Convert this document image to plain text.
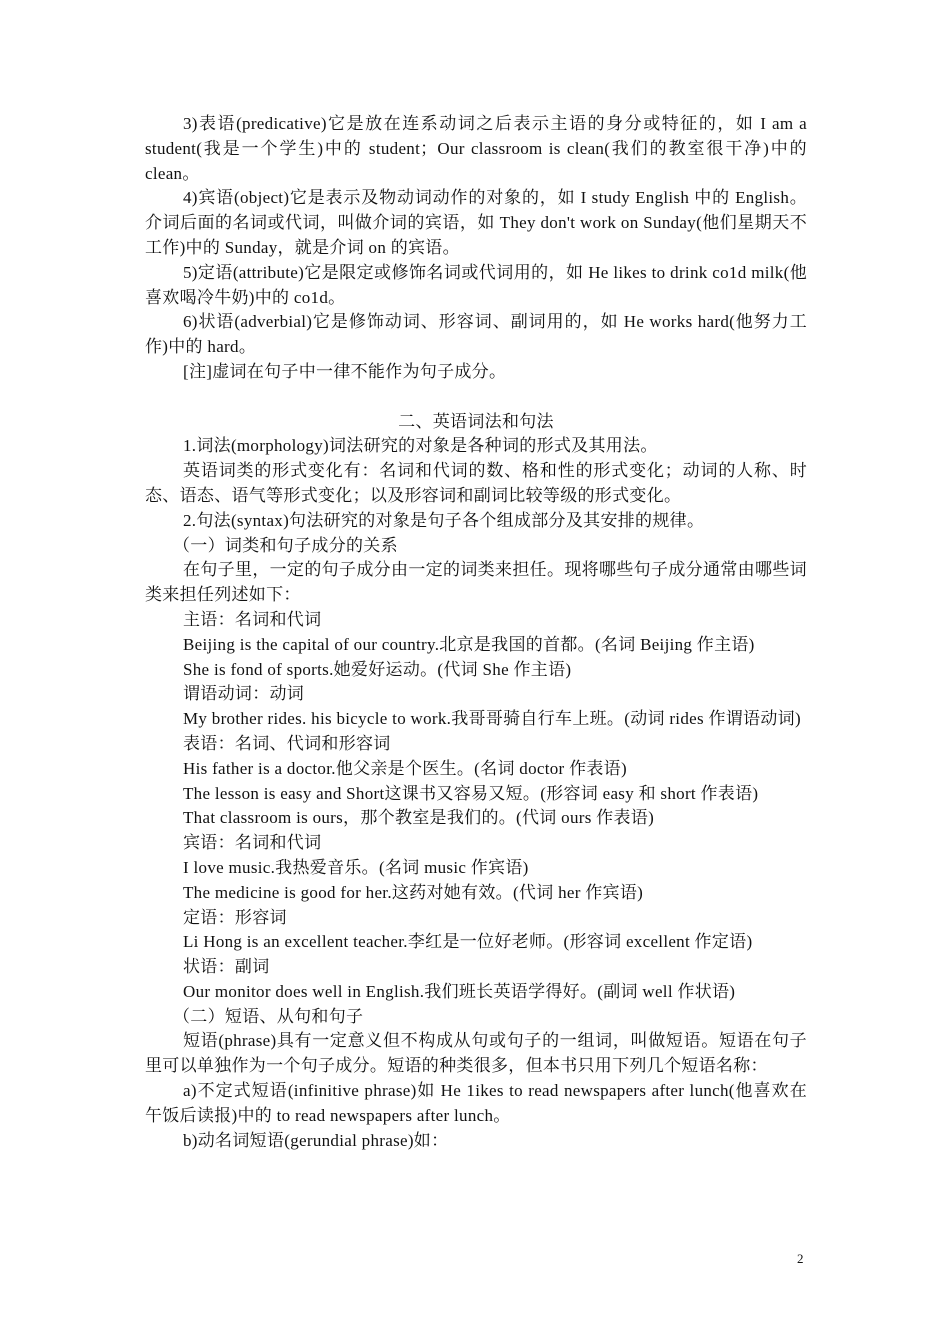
3)表语(predicative)它是放在连系动词之后表示主语的身分或特征的，如 I am a student(我是一个学生)中的 student；Our classroom is clean(我们的教室很干净)中的 clean。

4)宾语(object)它是表示及物动词动作的对象的，如 I study English 中的 English。介词后面的名词或代词，叫做介词的宾语，如 They don't work on Sunday(他们星期天不工作)中的 Sunday，就是介词 on 的宾语。

5)定语(attribute)它是限定或修饰名词或代词用的，如 He likes to drink co1d milk(他喜欢喝冷牛奶)中的 co1d。

6)状语(adverbial)它是修饰动词、形容词、副词用的，如 He works hard(他努力工作)中的 hard。

[注]虚词在句子中一律不能作为句子成分。

二、英语词法和句法

1.词法(morphology)词法研究的对象是各种词的形式及其用法。

英语词类的形式变化有：名词和代词的数、格和性的形式变化；动词的人称、时态、语态、语气等形式变化；以及形容词和副词比较等级的形式变化。

2.句法(syntax)句法研究的对象是句子各个组成部分及其安排的规律。

（一）词类和句子成分的关系

在句子里，一定的句子成分由一定的词类来担任。现将哪些句子成分通常由哪些词类来担任列述如下：

主语：名词和代词

Beijing is the capital of our country.北京是我国的首都。(名词 Beijing 作主语)

She is fond of sports.她爱好运动。(代词 She 作主语)

谓语动词：动词

My brother rides. his bicycle to work.我哥哥骑自行车上班。(动词 rides 作谓语动词)

表语：名词、代词和形容词

His father is a doctor.他父亲是个医生。(名词 doctor 作表语)

The lesson is easy and Short这课书又容易又短。(形容词 easy 和 short 作表语)

That classroom is ours，那个教室是我们的。(代词 ours 作表语)

宾语：名词和代词

I love music.我热爱音乐。(名词 music 作宾语)

The medicine is good for her.这药对她有效。(代词 her 作宾语)

定语：形容词

Li Hong is an excellent teacher.李红是一位好老师。(形容词 excellent 作定语)

状语：副词

Our monitor does well in English.我们班长英语学得好。(副词 well 作状语)

（二）短语、从句和句子

短语(phrase)具有一定意义但不构成从句或句子的一组词，叫做短语。短语在句子里可以单独作为一个句子成分。短语的种类很多，但本书只用下列几个短语名称：

a)不定式短语(infinitive phrase)如 He 1ikes to read newspapers after lunch(他喜欢在午饭后读报)中的 to read newspapers after lunch。

b)动名词短语(gerundial phrase)如：

2
